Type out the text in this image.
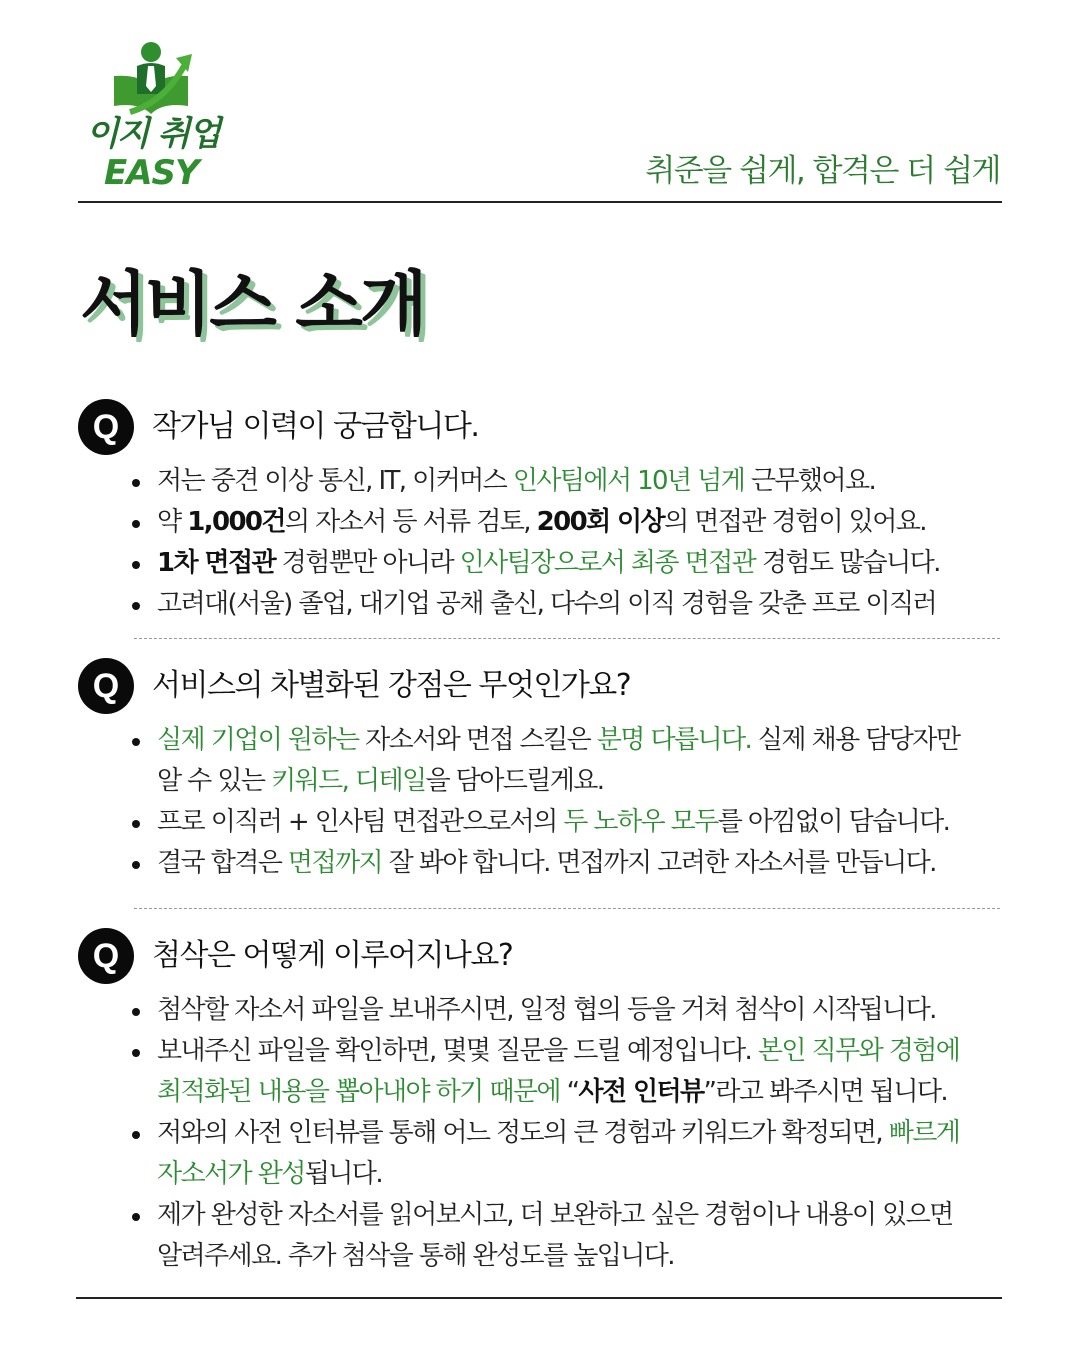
이지 취업
EASY	취준을 쉽게, 합격은 더 쉽게
서비스 소개
Q	작가님 이력이 궁금합니다.
저는 중견 이상 통신, IT, 이커머스 인사팀에서 10년 넘게 근무했어요.
약 1,000건의 자소서 등 서류 검토, 200회 이상의 면접관 경험이 있어요.
1차 면접관 경험뿐만 아니라 인사팀장으로서 최종 면접관 경험도 많습니다.
고려대(서울) 졸업, 대기업 공채 출신, 다수의 이직 경험을 갖춘 프로 이직러
Q	서비스의 차별화된 강점은 무엇인가요?
실제 기업이 원하는 자소서와 면접 스킬은 분명 다릅니다. 실제 채용 담당자만
알 수 있는 키워드, 디테일을 담아드릴게요.
프로 이직러 + 인사팀 면접관으로서의 두 노하우 모두를 아낌없이 담습니다.
결국 합격은 면접까지 잘 봐야 합니다. 면접까지 고려한 자소서를 만듭니다.
Q	첨삭은 어떻게 이루어지나요?
첨삭할 자소서 파일을 보내주시면, 일정 협의 등을 거쳐 첨삭이 시작됩니다.
보내주신 파일을 확인하면, 몇몇 질문을 드릴 예정입니다. 본인 직무와 경험에
최적화된 내용을 뽑아내야 하기 때문에 “사전 인터뷰”라고 봐주시면 됩니다.
저와의 사전 인터뷰를 통해 어느 정도의 큰 경험과 키워드가 확정되면, 빠르게
자소서가 완성됩니다.
제가 완성한 자소서를 읽어보시고, 더 보완하고 싶은 경험이나 내용이 있으면
알려주세요. 추가 첨삭을 통해 완성도를 높입니다.
